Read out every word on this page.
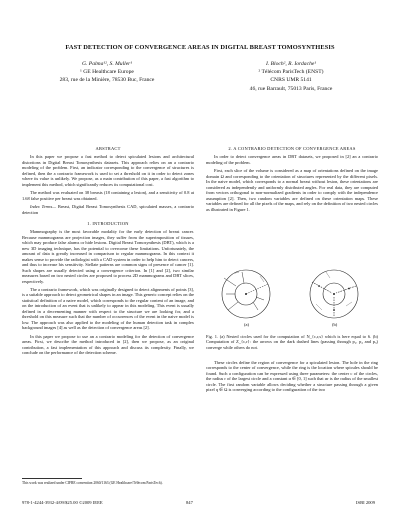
FAST DETECTION OF CONVERGENCE AREAS IN DIGITAL BREAST TOMOSYNTHESIS
G. Palma¹², S. Muller¹
¹ GE Healthcare Europe
283, rue de la Minière, 78530 Buc, France
I. Bloch², R. Iordache¹
² Télécom ParisTech (ENST)
CNRS UMR 5141
46, rue Barrault, 75013 Paris, France
ABSTRACT

In this paper we propose a fast method to detect spiculated lesions and architectural distortions in Digital Breast Tomosynthesis datasets. This approach relies on an a contrario modeling of the problem. First, an indicator corresponding to the convergence of structures is defined, then the a contrario framework is used to set a threshold on it in order to detect zones where its value is unlikely. We propose, as a main contribution of this paper, a fast algorithm to implement this method, which significantly reduces its computational cost.

The method was evaluated on 38 breasts (18 containing a lesion), and a sensitivity of 0.8 at 1.68 false positive per breast was obtained.

Index Terms— Breast, Digital Breast Tomosynthesis CAD, spiculated masses, a contrario detection

1. INTRODUCTION

Mammography is the most favorable modality for the early detection of breast cancer. Because mammograms are projection images, they suffer from the superimposition of tissues, which may produce false alarms or hide lesions. Digital Breast Tomosynthesis (DBT), which is a new 3D imaging technique, has the potential to overcome these limitations. Unfortunately, the amount of data is greatly increased in comparison to regular mammograms. In this context it makes sense to provide the radiologist with a CAD system in order to help him to detect cancers, and thus to increase his sensitivity. Stellate patterns are common signs of presence of cancer [1]. Such shapes are usually detected using a convergence criterion. In [1] and [2], two similar measures based on two nested circles are proposed to process 2D mammograms and DBT slices, respectively.

The a contrario framework, which was originally designed to detect alignments of points [3], is a suitable approach to detect geometrical shapes in an image. This generic concept relies on the statistical definition of a naive model, which corresponds to the regular content of an image, and on the introduction of an event that is unlikely to appear in this modeling. This event is usually defined in a decrementing manner with respect to the structure we are looking for, and a threshold on this measure such that the number of occurrences of the event in the naive model is low. The approach was also applied to the modeling of the human detection task in complex background images [4] as well as the detection of convergence areas [2].

In this paper we propose to use an a contrario modeling for the detection of convergence areas. First, we describe the method introduced in [2], then we propose, as an original contribution, a fast implementation of this approach and discuss its complexity. Finally, we conclude on the performance of the detection scheme.

This work was realized under CIFRE convention 2060/1163 (GE Healthcare/Télécom ParisTech).
2. A CONTRARIO DETECTION OF CONVERGENCE AREAS

In order to detect convergence areas in DBT datasets, we proposed in [2] an a contrario modeling of the problem.

First, each slice of the volume is considered as a map of orientations defined on the image domain Ω and corresponding to the orientation of structures represented by the different pixels. In the naive model, which corresponds to a normal breast without lesion, these orientations are considered as independently and uniformly distributed angles. For real data, they are computed from vectors orthogonal to non-normalized gradients in order to comply with the independence assumption [2]. Then, two random variables are defined on these orientation maps. These variables are defined for all the pixels of the maps, and rely on the definition of two nested circles as illustrated in Figure 1.

(a)	(b)
Fig. 1. (a) Nested circles used for the computation of N_{c,r,s} which is here equal to 6. (b) Computation of Z_{c,r}: the arrows on the dark dashed lines (passing through p₁, p₂ and p₃) converge while others do not.

These circles define the region of convergence for a spiculated lesion. The hole in the ring corresponds to the center of convergence, while the ring is the location where spicules should be found. Such a configuration can be expressed using three parameters: the center c of the circles, the radius r of the largest circle and a constant α ∈ [0, 1] such that αr is the radius of the smallest circle. The first random variable allows deciding whether a structure passing through a given pixel q ∈ Ω is converging according to the configuration of the two

978-1-4244-3932-4/09/$25.00 ©2009 IEEE	847	ISBI 2009
